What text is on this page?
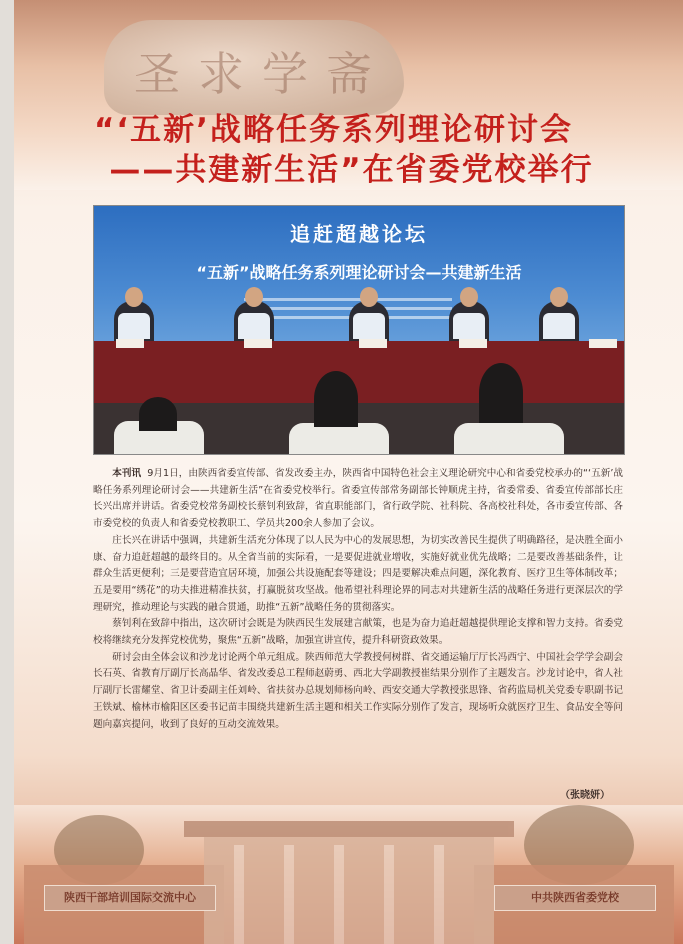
圣求学斋
“‘五新’战略任务系列理论研讨会
——共建新生活”在省委党校举行
追赶超越论坛
“五新”战略任务系列理论研讨会—共建新生活

本刊讯 9月1日，由陕西省委宣传部、省发改委主办，陕西省中国特色社会主义理论研究中心和省委党校承办的“‘五新’战略任务系列理论研讨会——共建新生活”在省委党校举行。省委宣传部常务副部长钟顺虎主持，省委常委、省委宣传部部长庄长兴出席并讲话。省委党校常务副校长蔡钊利致辞，省直职能部门，省行政学院、社科院、各高校社科处，各市委宣传部、各市委党校的负责人和省委党校教职工、学员共200余人参加了会议。

庄长兴在讲话中强调，共建新生活充分体现了以人民为中心的发展思想，为切实改善民生提供了明确路径，是决胜全面小康、奋力追赶超越的最终目的。从全省当前的实际看，一是要促进就业增收，实施好就业优先战略；二是要改善基础条件，让群众生活更便利；三是要营造宜居环境，加强公共设施配套等建设；四是要解决难点问题，深化教育、医疗卫生等体制改革；五是要用“绣花”的功夫推进精准扶贫，打赢脱贫攻坚战。他希望社科理论界的同志对共建新生活的战略任务进行更深层次的学理研究，推动理论与实践的融合贯通，助推“五新”战略任务的贯彻落实。

蔡钊利在致辞中指出，这次研讨会既是为陕西民生发展建言献策，也是为奋力追赶超越提供理论支撑和智力支持。省委党校将继续充分发挥党校优势，聚焦“五新”战略，加强宣讲宣传，提升科研资政效果。

研讨会由全体会议和沙龙讨论两个单元组成。陕西师范大学教授何树群、省交通运输厅厅长冯西宁、中国社会学学会副会长石英、省教育厅副厅长高晶华、省发改委总工程师赵蔚勇、西北大学副教授崔结果分别作了主题发言。沙龙讨论中，省人社厅副厅长雷耀堂、省卫计委副主任刘岭、省扶贫办总规划师杨向岭、西安交通大学教授张思锋、省药监局机关党委专职副书记王铁斌、榆林市榆阳区区委书记苗丰围绕共建新生活主题和相关工作实际分别作了发言，现场听众就医疗卫生、食品安全等问题向嘉宾提问，收到了良好的互动交流效果。

（张晓妍）
陕西干部培训国际交流中心	中共陕西省委党校
